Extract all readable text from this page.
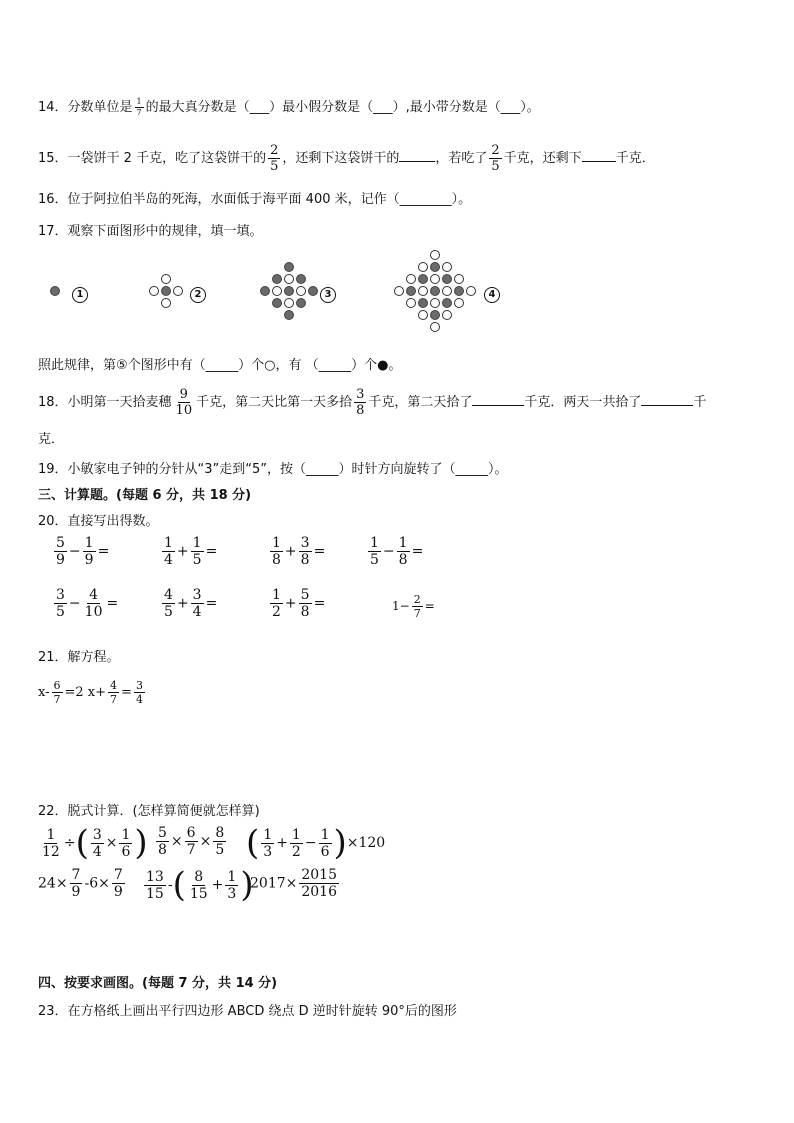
14．分数单位是 $\frac{1}{7}$ 的最大真分数是（___）最小假分数是（___）,最小带分数是（___）。
15．一袋饼干 2 千克，吃了这袋饼干的 $\frac{2}{5}$ ，还剩下这袋饼干的	，若吃了 $\frac{2}{5}$ 千克，还剩下	千克．
16．位于阿拉伯半岛的死海，水面低于海平面 400 米，记作（________）。
17．观察下面图形中的规律，填一填。
1	2	3	4
照此规律，第⑤个图形中有（_____）个○，有 （_____）个●。
18．小明第一天拾麦穗 $\frac{9}{10}$ 千克，第二天比第一天多拾 $\frac{3}{8}$ 千克，第二天拾了	千克．两天一共拾了	千
克．
19．小敏家电子钟的分针从“3”走到“5”，按（_____）时针方向旋转了（_____）。
三、计算题。(每题 6 分，共 18 分)
20．直接写出得数。
$\frac{5}{9} - \frac{1}{9}$ =	$\frac{1}{4} + \frac{1}{5}$ =	$\frac{1}{8} + \frac{3}{8}$ =	$\frac{1}{5} - \frac{1}{8}$ =
$\frac{3}{5} - \frac{4}{10}$ =	$\frac{4}{5} + \frac{3}{4}$ =	$\frac{1}{2} + \frac{5}{8}$ =	$1- \frac{2}{7}$ =
21．解方程。
$x- \frac{6}{7} =2$ $x+ \frac{4}{7} = \frac{3}{4}$
22．脱式计算．(怎样算简便就怎样算)
$\frac{1}{12}$ ÷( $\frac{3}{4} \times \frac{1}{6}$ ) $\frac{5}{8} \times \frac{6}{7} \times \frac{8}{5}$ ( $\frac{1}{3} + \frac{1}{2} - \frac{1}{6} )\times 120$
$24\times \frac{7}{9} -6\times \frac{7}{9} \frac{13}{15}$ -( $\frac{8}{15} + \frac{1}{3}$ )
$2017\times \frac{2015}{2016}$
四、按要求画图。(每题 7 分，共 14 分)
23．在方格纸上画出平行四边形 ABCD 绕点 D 逆时针旋转 90°后的图形
